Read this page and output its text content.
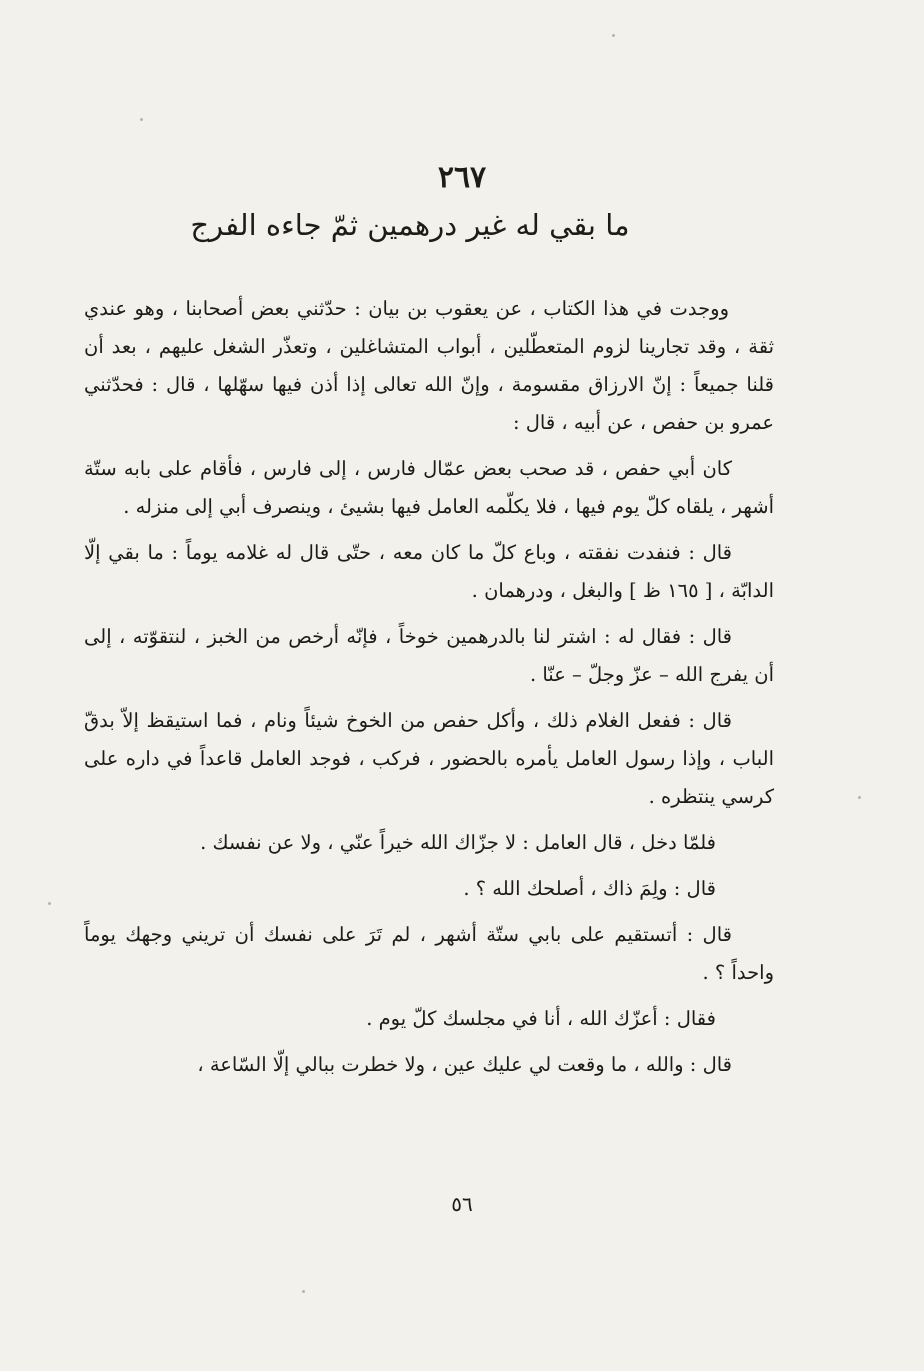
٢٦٧
ما بقي له غير درهمين ثمّ جاءه الفرج

ووجدت في هذا الكتاب ، عن يعقوب بن بيان : حدّثني بعض أصحابنا ، وهو عندي ثقة ، وقد تجارينا لزوم المتعطّلين ، أبواب المتشاغلين ، وتعذّر الشغل عليهم ، بعد أن قلنا جميعاً : إنّ الارزاق مقسومة ، وإنّ الله تعالى إذا أذن فيها سهّلها ، قال : فحدّثني عمرو بن حفص ، عن أبيه ، قال :

كان أبي حفص ، قد صحب بعض عمّال فارس ، إلى فارس ، فأقام على بابه ستّة أشهر ، يلقاه كلّ يوم فيها ، فلا يكلّمه العامل فيها بشيئ ، وينصرف أبي إلى منزله .

قال : فنفدت نفقته ، وباع كلّ ما كان معه ، حتّى قال له غلامه يوماً : ما بقي إلّا الدابّة ، [ ١٦٥ ظ ] والبغل ، ودرهمان .

قال : فقال له : اشتر لنا بالدرهمين خوخاً ، فإنّه أرخص من الخبز ، لنتقوّته ، إلى أن يفرج الله – عزّ وجلّ – عنّا .

قال : ففعل الغلام ذلك ، وأكل حفص من الخوخ شيئاً ونام ، فما استيقظ إلاّ بدقّ الباب ، وإذا رسول العامل يأمره بالحضور ، فركب ، فوجد العامل قاعداً في داره على كرسي ينتظره .

فلمّا دخل ، قال العامل : لا جزّاك الله خيراً عنّي ، ولا عن نفسك .

قال : ولِمَ ذاك ، أصلحك الله ؟ .

قال : أتستقيم على بابي ستّة أشهر ، لم تَرَ على نفسك أن تريني وجهك يوماً واحداً ؟ .

فقال : أعزّك الله ، أنا في مجلسك كلّ يوم .

قال : والله ، ما وقعت لي عليك عين ، ولا خطرت ببالي إلّا السّاعة ،

٥٦
